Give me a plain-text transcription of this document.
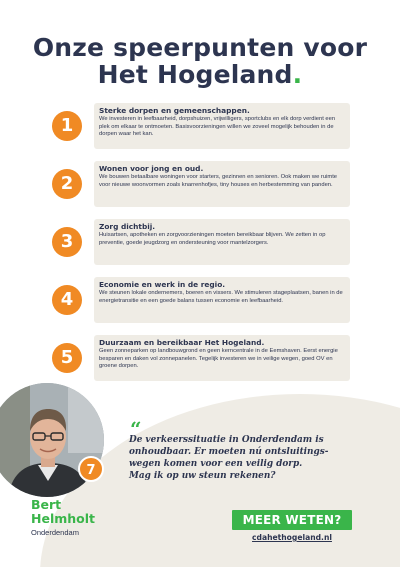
Onze speerpunten voor
Het Hogeland.
1
Sterke dorpen en gemeenschappen.
We investeren in leefbaarheid, dorpshuizen, vrijwilligers, sportclubs en elk dorp verdient een plek om elkaar te ontmoeten. Basisvoorzieningen willen we zoveel mogelijk behouden in de dorpen waar het kan.
2
Wonen voor jong en oud.
We bouwen betaalbare woningen voor starters, gezinnen en senioren. Ook maken we ruimte voor nieuwe woonvormen zoals knarrenhofjes, tiny houses en herbestemming van panden.
3
Zorg dichtbij.
Huisartsen, apotheken en zorgvoorzieningen moeten bereikbaar blijven. We zetten in op preventie, goede jeugdzorg en ondersteuning voor mantelzorgers.
4
Economie en werk in de regio.
We steunen lokale ondernemers, boeren en vissers. We stimuleren stageplaatsen, banen in de energietransitie en een goede balans tussen economie en leefbaarheid.
5
Duurzaam en bereikbaar Het Hogeland.
Geen zonneparken op landbouwgrond en geen kerncentrale in de Eemshaven. Eerst energie besparen en daken vol zonnepanelen. Tegelijk investeren we in veilige wegen, goed OV en groene dorpen.
7
“
De verkeerssituatie in Onderdendam is
onhoudbaar. Er moeten nú ontsluitings-
wegen komen voor een veilig dorp.
Mag ik op uw steun rekenen?
Bert
Helmholt
Onderdendam
MEER WETEN?
cdahethogeland.nl
